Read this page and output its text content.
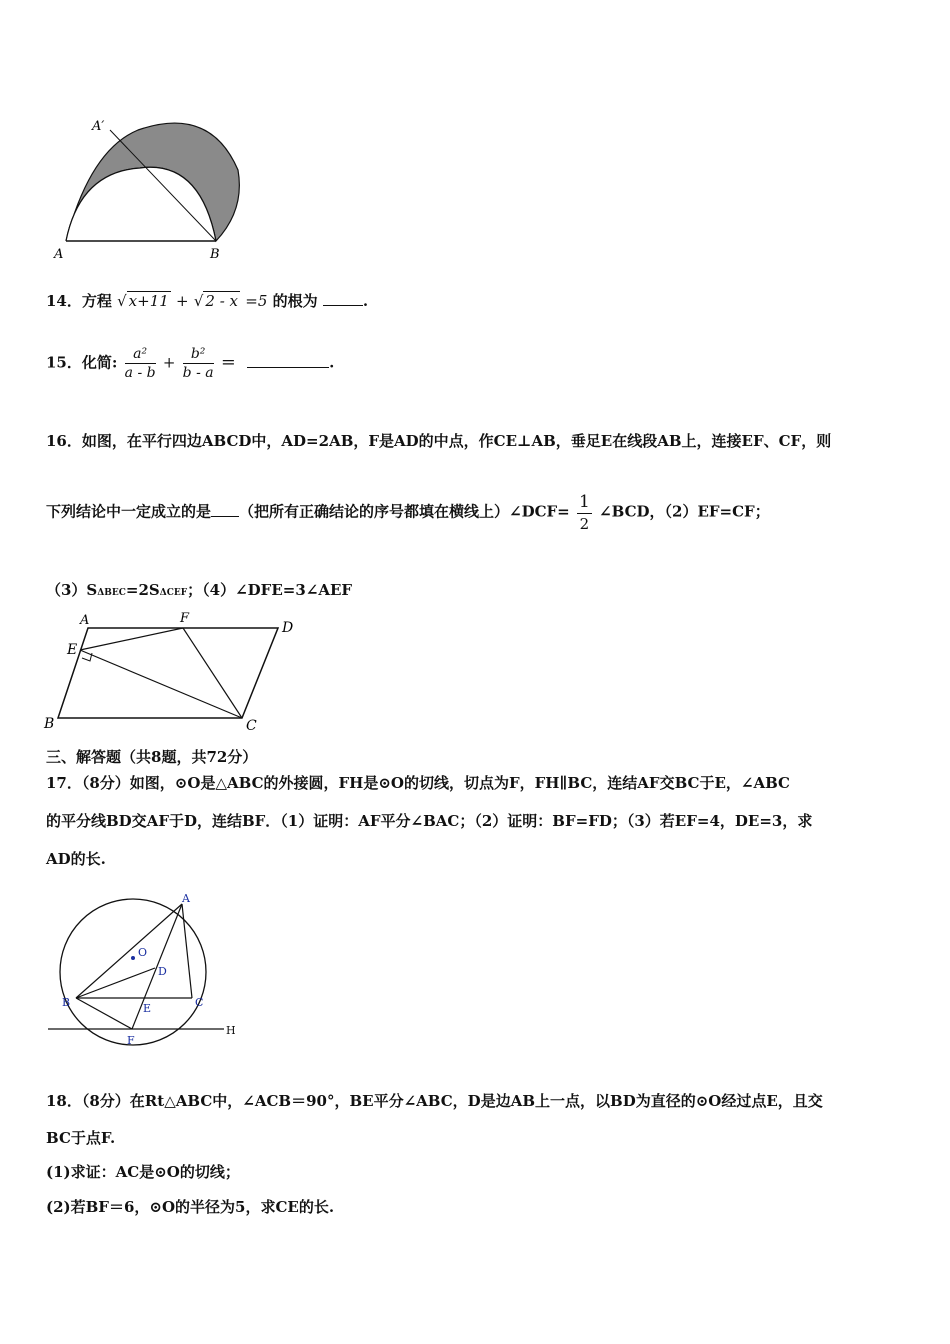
A′
A	B
14．方程 √ x+11 + √ 2 - x =5 的根为	.
15．化简: $\frac{\text{a²}}{a - b} + \frac{\text{b²}}{b - a}$ ＝	.
16．如图，在平行四边ABCD中，AD=2AB，F是AD的中点，作CE⊥AB，垂足E在线段AB上，连接EF、CF，则
下列结论中一定成立的是 （把所有正确结论的序号都填在横线上）∠DCF= $\frac{1}{2}$ ∠BCD，（2）EF=CF；
（3）SΔBEC=2SΔCEF；（4）∠DFE=3∠AEF
A	F
D
E
B	C
三、解答题（共8题，共72分）
17．（8分）如图，⊙O是△ABC的外接圆，FH是⊙O的切线，切点为F，FH∥BC，连结AF交BC于E，∠ABC
的平分线BD交AF于D，连结BF．（1）证明：AF平分∠BAC；（2）证明：BF=FD；（3）若EF=4，DE=3，求
AD的长.
A
O
D
B	C
E
F
H
18．（8分）在Rt△ABC中，∠ACB＝90°，BE平分∠ABC，D是边AB上一点，以BD为直径的⊙O经过点E，且交
BC于点F.
(1)求证：AC是⊙O的切线；
(2)若BF＝6，⊙O的半径为5，求CE的长.
